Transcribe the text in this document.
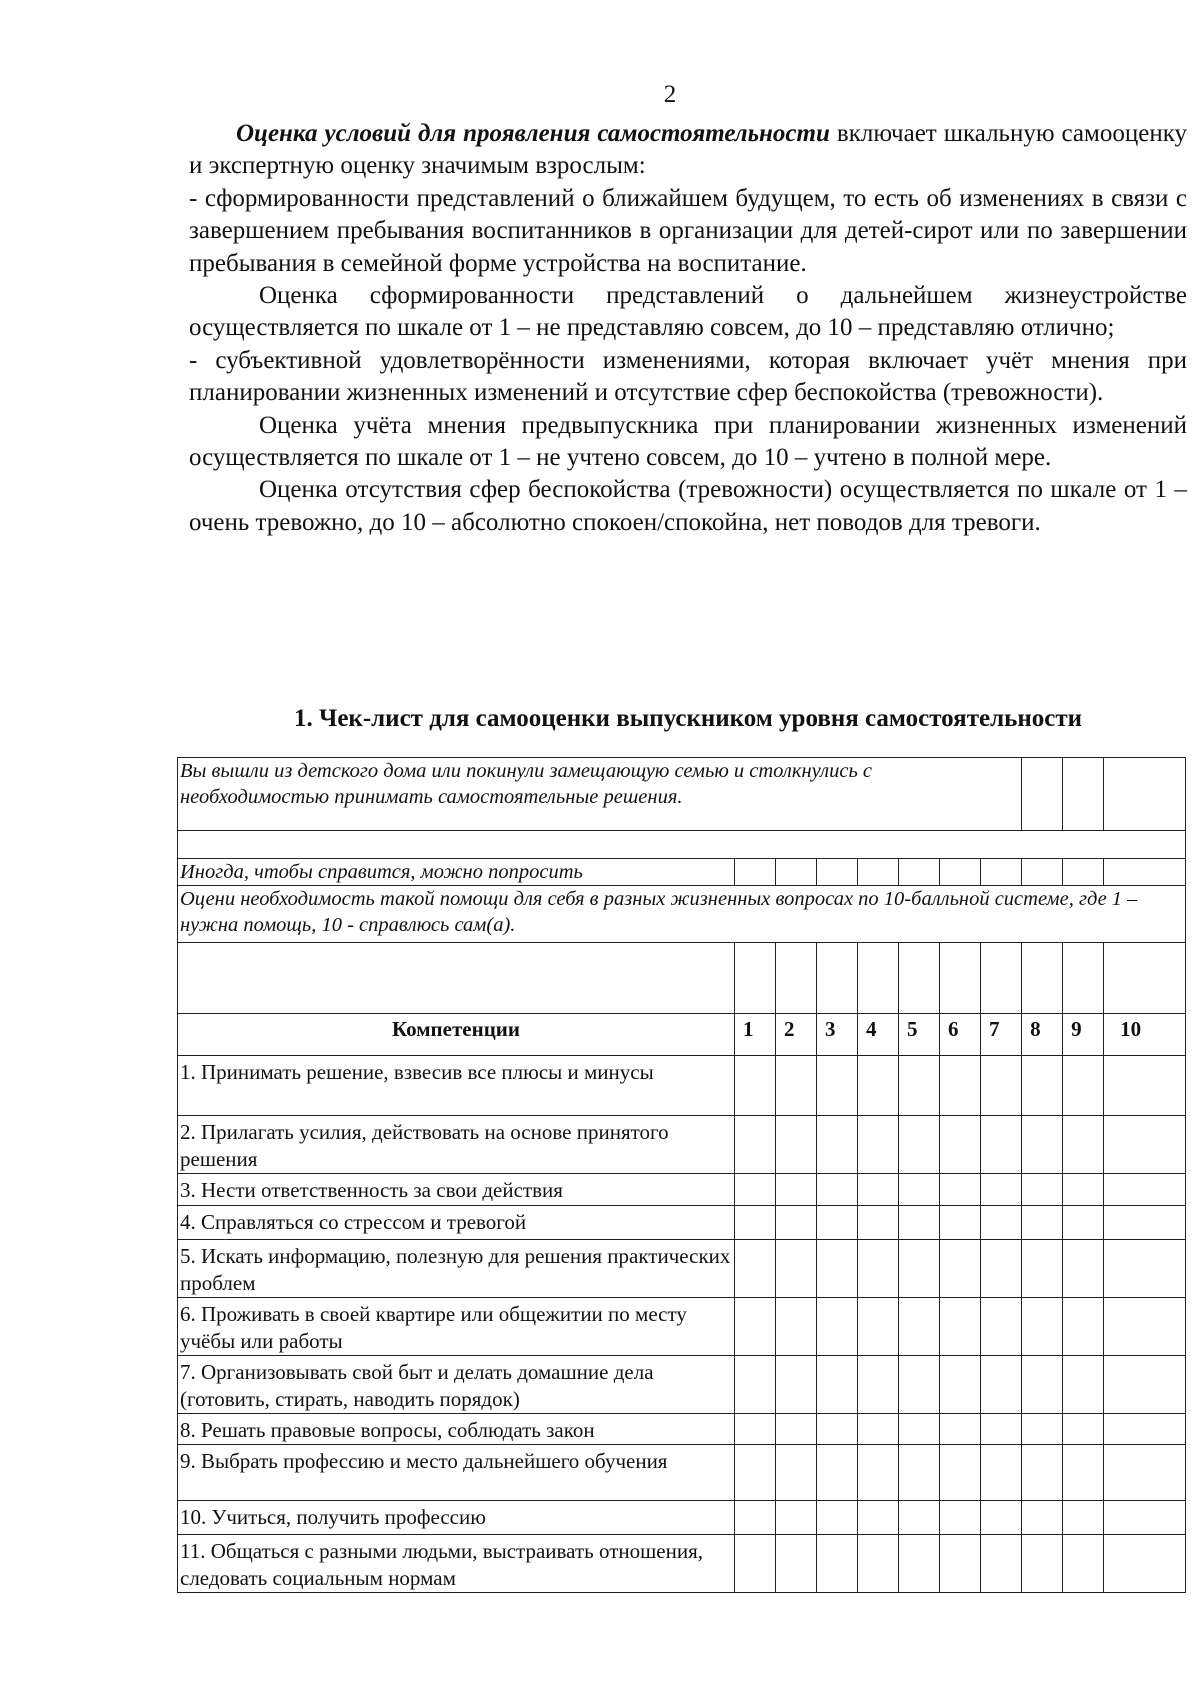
2

Оценка условий для проявления самостоятельности включает шкальную самооценку и экспертную оценку значимым взрослым:

- сформированности представлений о ближайшем будущем, то есть об изменениях в связи с завершением пребывания воспитанников в организации для детей-сирот или по завершении пребывания в семейной форме устройства на воспитание.

Оценка сформированности представлений о дальнейшем жизнеустройстве осуществляется по шкале от 1 – не представляю совсем, до 10 – представляю отлично;

- субъективной удовлетворённости изменениями, которая включает учёт мнения при планировании жизненных изменений и отсутствие сфер беспокойства (тревожности).

Оценка учёта мнения предвыпускника при планировании жизненных изменений осуществляется по шкале от 1 – не учтено совсем, до 10 – учтено в полной мере.

Оценка отсутствия сфер беспокойства (тревожности) осуществляется по шкале от 1 – очень тревожно, до 10 – абсолютно спокоен/спокойна, нет поводов для тревоги.

1. Чек-лист для самооценки выпускником уровня самостоятельности
Вы вышли из детского дома или покинули замещающую семью и столкнулись с необходимостью принимать самостоятельные решения.										

Иногда, чтобы справится, можно попросить										
Оцени необходимость такой помощи для себя в разных жизненных вопросах по 10-балльной системе, где 1 – нужна помощь, 10 - справлюсь сам(а).										

Компетенции	1	2	3	4	5	6	7	8	9	10
1. Принимать решение, взвесив все плюсы и минусы										
2. Прилагать усилия, действовать на основе принятого решения										
3. Нести ответственность за свои действия										
4. Справляться со стрессом и тревогой										
5. Искать информацию, полезную для решения практических проблем										
6. Проживать в своей квартире или общежитии по месту учёбы или работы										
7. Организовывать свой быт и делать домашние дела (готовить, стирать, наводить порядок)										
8. Решать правовые вопросы, соблюдать закон										
9. Выбрать профессию и место дальнейшего обучения										
10. Учиться, получить профессию										
11. Общаться с разными людьми, выстраивать отношения, следовать социальным нормам										
